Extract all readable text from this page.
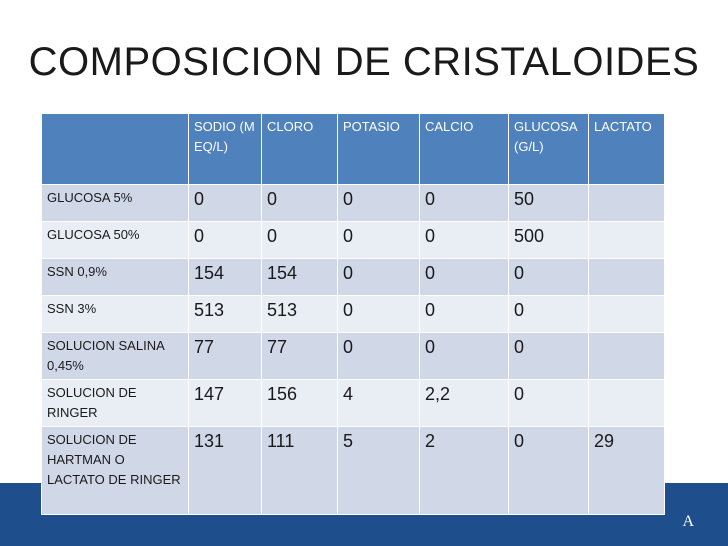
A
COMPOSICION DE CRISTALOIDES
	SODIO (MEQ/L)	CLORO	POTASIO	CALCIO	GLUCOSA (G/L)	LACTATO
GLUCOSA 5%	0	0	0	0	50	
GLUCOSA 50%	0	0	0	0	500	
SSN 0,9%	154	154	0	0	0	
SSN 3%	513	513	0	0	0	
SOLUCION SALINA 0,45%	77	77	0	0	0	
SOLUCION DE RINGER	147	156	4	2,2	0	
SOLUCION DE HARTMAN O LACTATO DE RINGER	131	111	5	2	0	29
